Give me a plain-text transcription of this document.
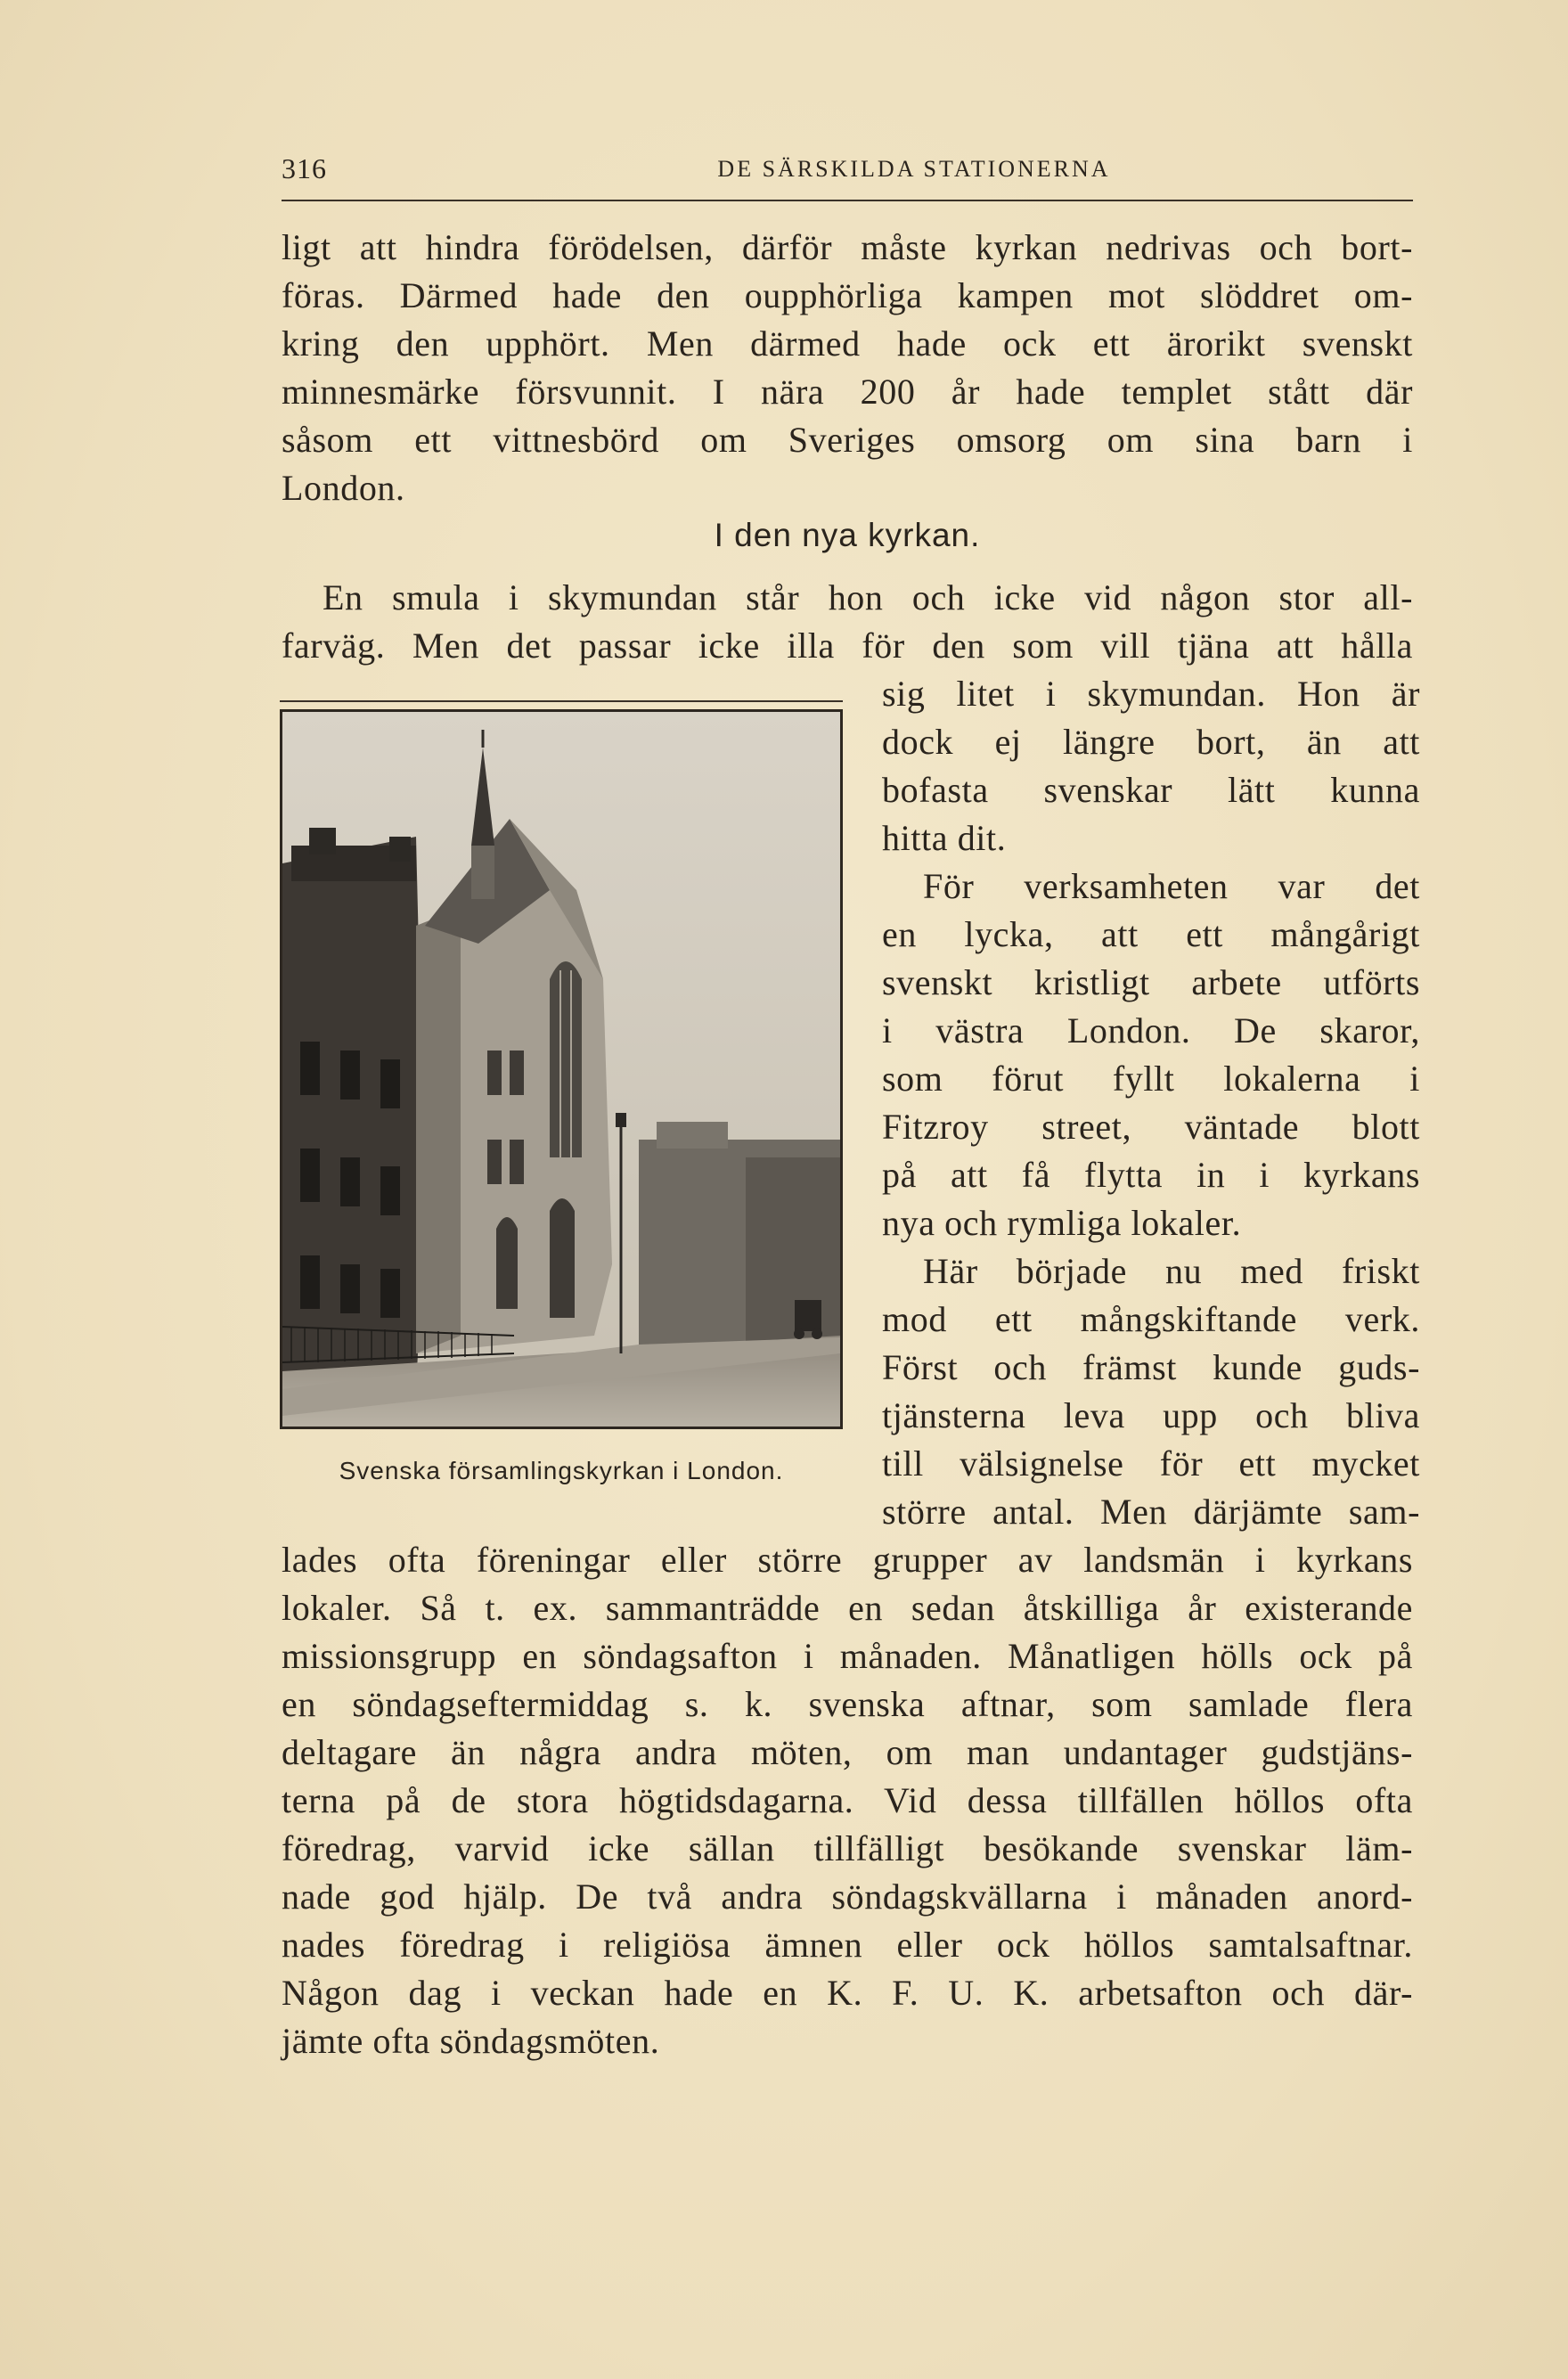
316	DE SÄRSKILDA STATIONERNA
ligt att hindra förödelsen, därför måste kyrkan nedrivas och bort-
föras. Därmed hade den oupphörliga kampen mot slöddret om-
kring den upphört. Men därmed hade ock ett ärorikt svenskt
minnesmärke försvunnit. I nära 200 år hade templet stått där
såsom ett vittnesbörd om Sveriges omsorg om sina barn i
London.
I den nya kyrkan.
En smula i skymundan står hon och icke vid någon stor all-
farväg. Men det passar icke illa för den som vill tjäna att hålla
sig litet i skymundan. Hon är
dock ej längre bort, än att
bofasta svenskar lätt kunna
hitta dit.
För verksamheten var det
en lycka, att ett mångårigt
svenskt kristligt arbete utförts
i västra London. De skaror,
som förut fyllt lokalerna i
Fitzroy street, väntade blott
på att få flytta in i kyrkans
nya och rymliga lokaler.
Här började nu med friskt
mod ett mångskiftande verk.
Först och främst kunde guds-
tjänsterna leva upp och bliva
till välsignelse för ett mycket
större antal. Men därjämte sam-
lades ofta föreningar eller större grupper av landsmän i kyrkans
lokaler. Så t. ex. sammanträdde en sedan åtskilliga år existerande
missionsgrupp en söndagsafton i månaden. Månatligen hölls ock på
en söndagseftermiddag s. k. svenska aftnar, som samlade flera
deltagare än några andra möten, om man undantager gudstjäns-
terna på de stora högtidsdagarna. Vid dessa tillfällen höllos ofta
föredrag, varvid icke sällan tillfälligt besökande svenskar läm-
nade god hjälp. De två andra söndagskvällarna i månaden anord-
nades föredrag i religiösa ämnen eller ock höllos samtalsaftnar.
Någon dag i veckan hade en K. F. U. K. arbetsafton och där-
jämte ofta söndagsmöten.
Svenska församlingskyrkan i London.
